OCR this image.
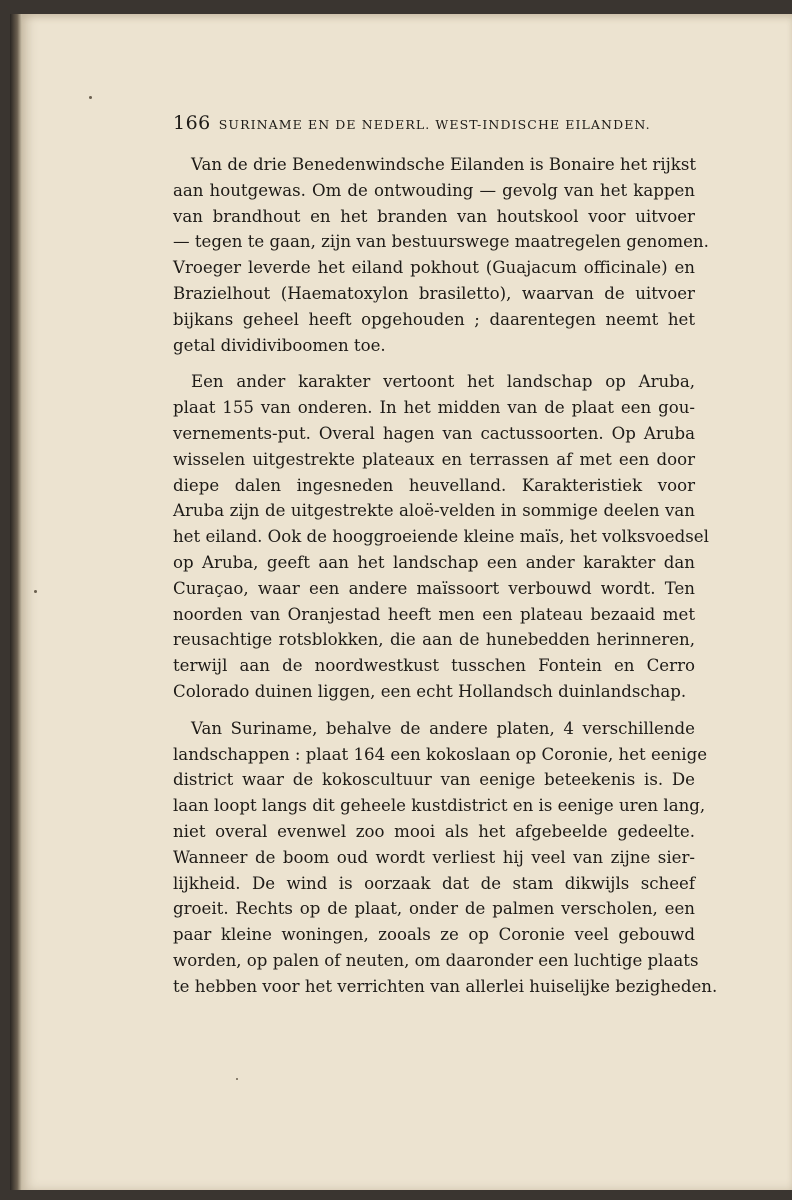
166 SURINAME EN DE NEDERL. WEST-INDISCHE EILANDEN.

Van de drie Benedenwindsche Eilanden is Bonaire het rijkst
aan houtgewas. Om de ontwouding — gevolg van het kappen
van brandhout en het branden van houtskool voor uitvoer
— tegen te gaan, zijn van bestuurswege maatregelen genomen.
Vroeger leverde het eiland pokhout (Guajacum officinale) en
Brazielhout (Haematoxylon brasiletto), waarvan de uitvoer
bijkans geheel heeft opgehouden ; daarentegen neemt het
getal dividiviboomen toe.

Een ander karakter vertoont het landschap op Aruba,
plaat 155 van onderen. In het midden van de plaat een gou-
vernements-put. Overal hagen van cactussoorten. Op Aruba
wisselen uitgestrekte plateaux en terrassen af met een door
diepe dalen ingesneden heuvelland. Karakteristiek voor
Aruba zijn de uitgestrekte aloë-velden in sommige deelen van
het eiland. Ook de hooggroeiende kleine maïs, het volksvoedsel
op Aruba, geeft aan het landschap een ander karakter dan
Curaçao, waar een andere maïssoort verbouwd wordt. Ten
noorden van Oranjestad heeft men een plateau bezaaid met
reusachtige rotsblokken, die aan de hunebedden herinneren,
terwijl aan de noordwestkust tusschen Fontein en Cerro
Colorado duinen liggen, een echt Hollandsch duinlandschap.

Van Suriname, behalve de andere platen, 4 verschillende
landschappen : plaat 164 een kokoslaan op Coronie, het eenige
district waar de kokoscultuur van eenige beteekenis is. De
laan loopt langs dit geheele kustdistrict en is eenige uren lang,
niet overal evenwel zoo mooi als het afgebeelde gedeelte.
Wanneer de boom oud wordt verliest hij veel van zijne sier-
lijkheid. De wind is oorzaak dat de stam dikwijls scheef
groeit. Rechts op de plaat, onder de palmen verscholen, een
paar kleine woningen, zooals ze op Coronie veel gebouwd
worden, op palen of neuten, om daaronder een luchtige plaats
te hebben voor het verrichten van allerlei huiselijke bezigheden.
